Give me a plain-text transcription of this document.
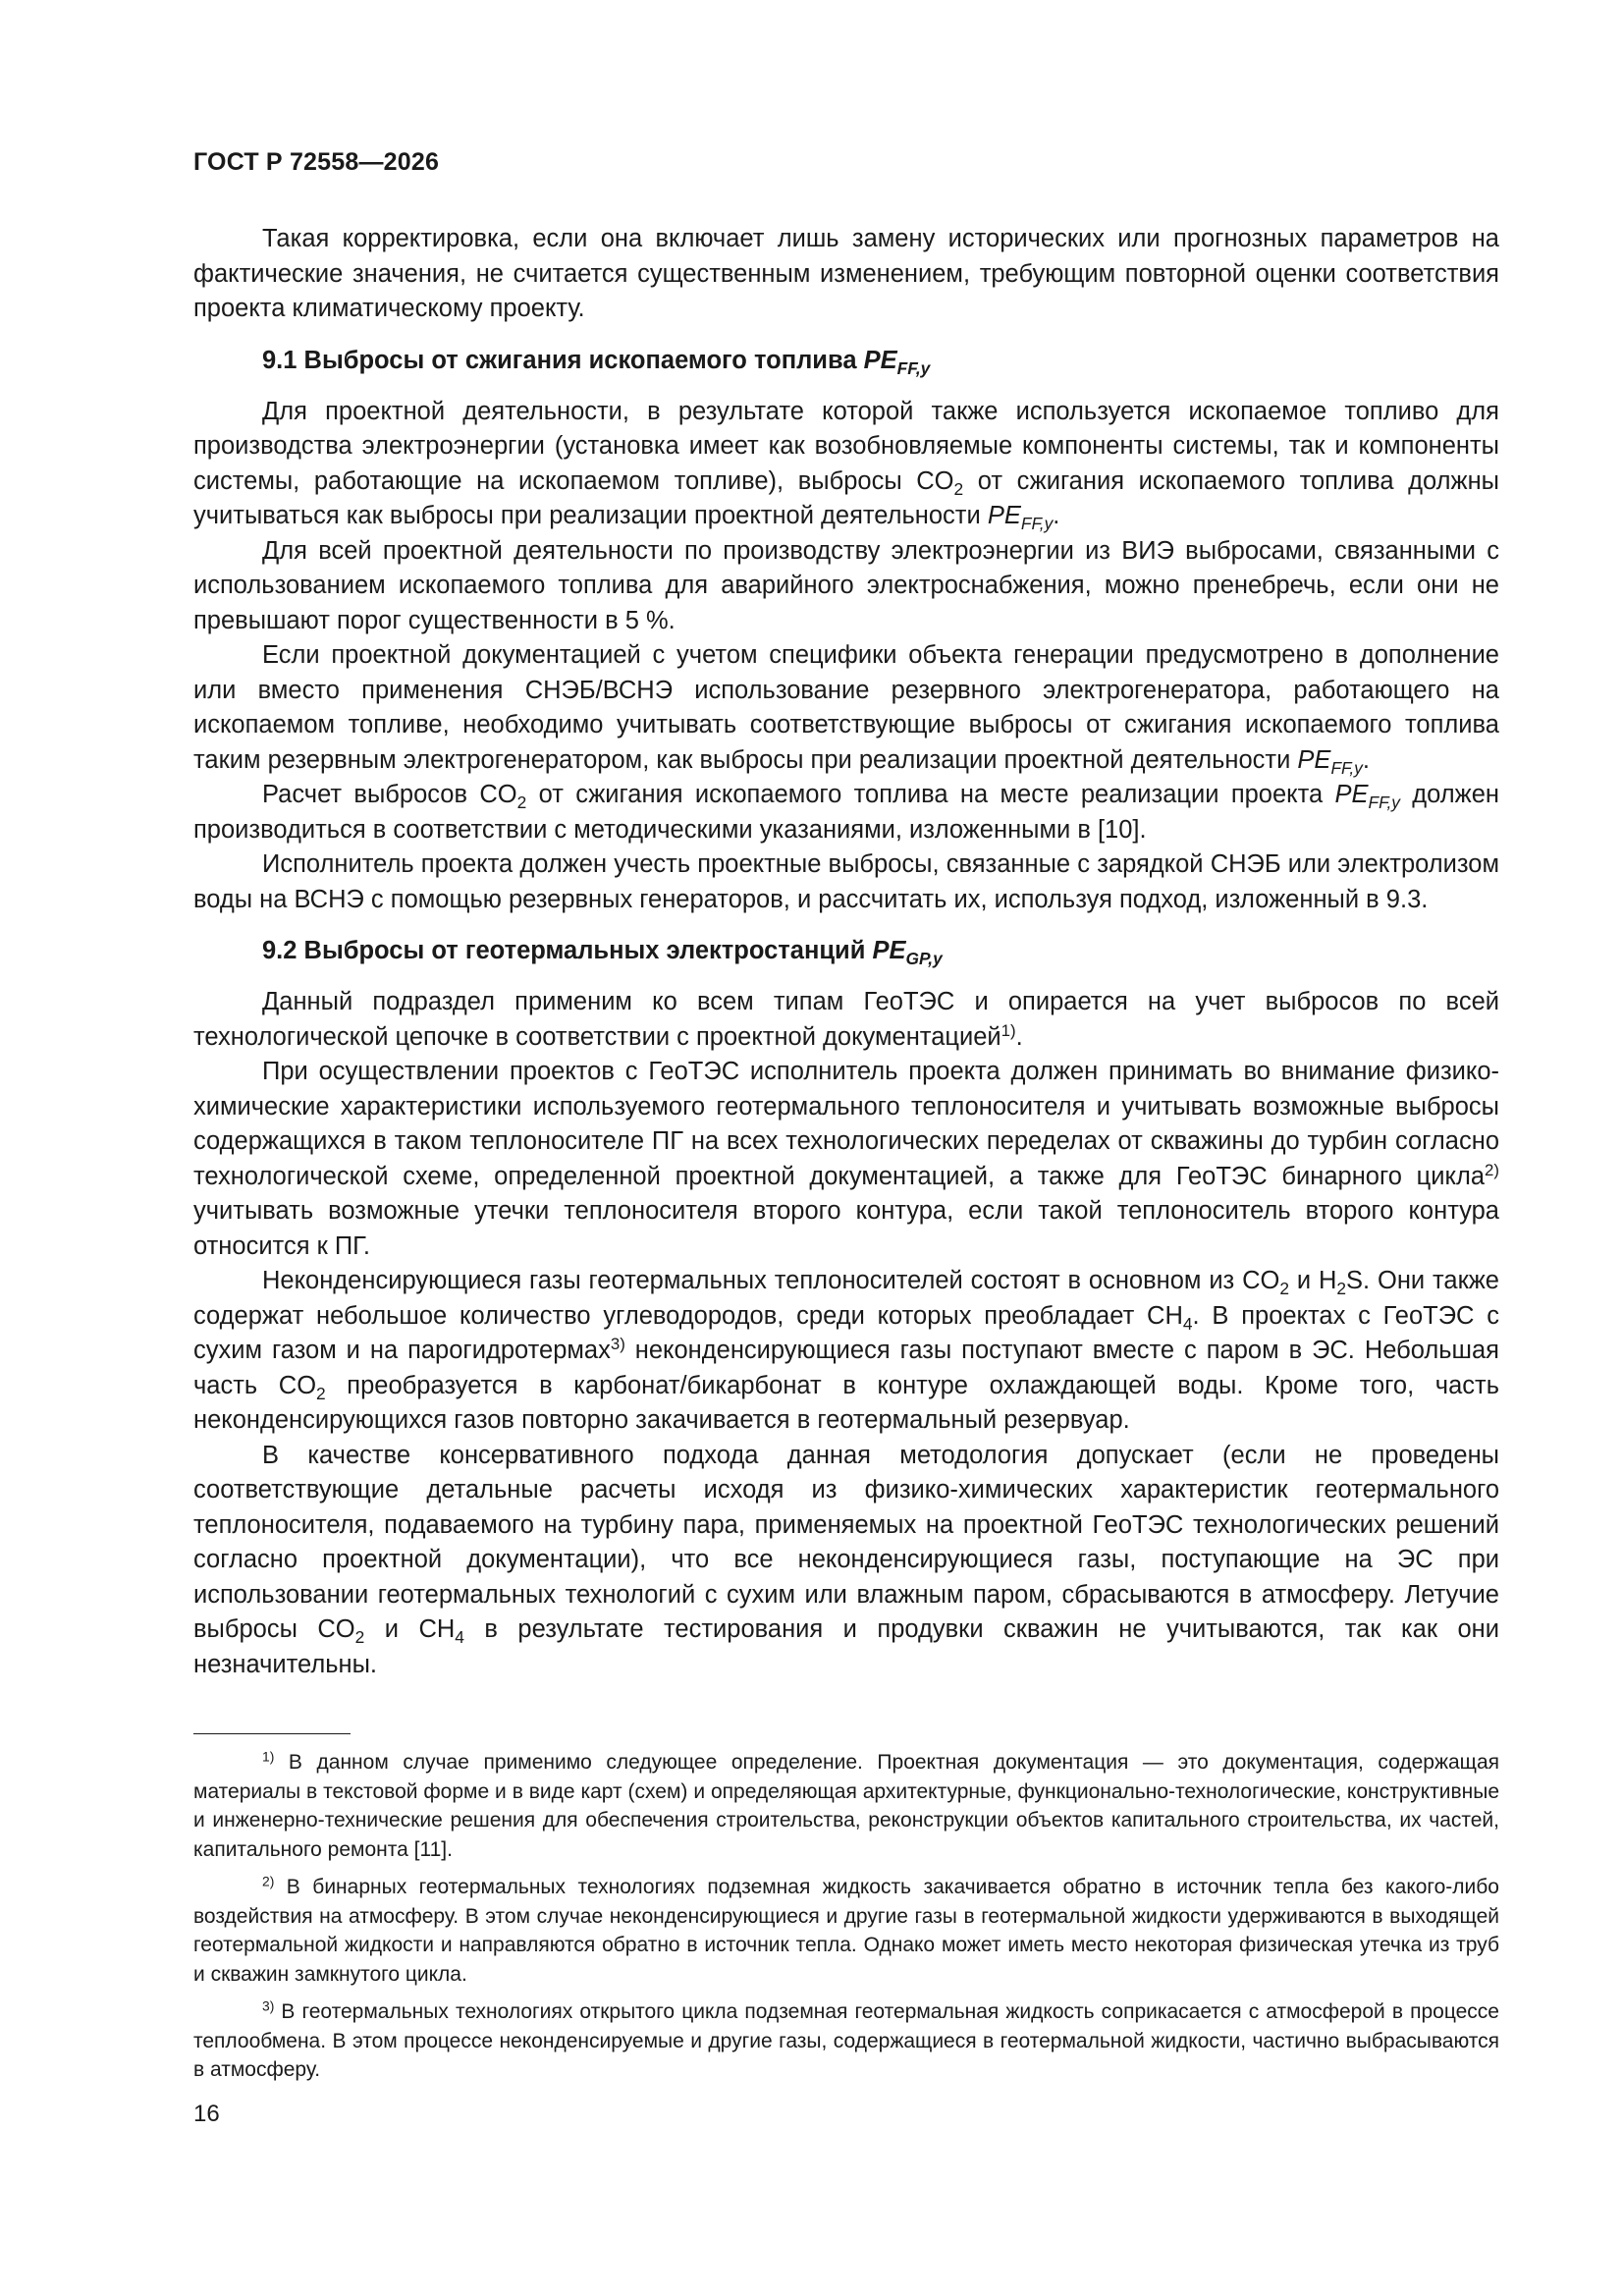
ГОСТ Р 72558—2026

Такая корректировка, если она включает лишь замену исторических или прогнозных параметров на фактические значения, не считается существенным изменением, требующим повторной оценки соответствия проекта климатическому проекту.

9.1 Выбросы от сжигания ископаемого топлива $PE_{FF,y}$

Для проектной деятельности, в результате которой также используется ископаемое топливо для производства электроэнергии (установка имеет как возобновляемые компоненты системы, так и компоненты системы, работающие на ископаемом топливе), выбросы $CO_2$ от сжигания ископаемого топлива должны учитываться как выбросы при реализации проектной деятельности $PE_{FF,y}$.

Для всей проектной деятельности по производству электроэнергии из ВИЭ выбросами, связанными с использованием ископаемого топлива для аварийного электроснабжения, можно пренебречь, если они не превышают порог существенности в 5 %.

Если проектной документацией с учетом специфики объекта генерации предусмотрено в дополнение или вместо применения СНЭБ/ВСНЭ использование резервного электрогенератора, работающего на ископаемом топливе, необходимо учитывать соответствующие выбросы от сжигания ископаемого топлива таким резервным электрогенератором, как выбросы при реализации проектной деятельности $PE_{FF,y}$.

Расчет выбросов $CO_2$ от сжигания ископаемого топлива на месте реализации проекта $PE_{FF,y}$ должен производиться в соответствии с методическими указаниями, изложенными в [10].

Исполнитель проекта должен учесть проектные выбросы, связанные с зарядкой СНЭБ или электролизом воды на ВСНЭ с помощью резервных генераторов, и рассчитать их, используя подход, изложенный в 9.3.

9.2 Выбросы от геотермальных электростанций $PE_{GP,y}$

Данный подраздел применим ко всем типам ГеоТЭС и опирается на учет выбросов по всей технологической цепочке в соответствии с проектной документацией$^{1)}$.

При осуществлении проектов с ГеоТЭС исполнитель проекта должен принимать во внимание физико-химические характеристики используемого геотермального теплоносителя и учитывать возможные выбросы содержащихся в таком теплоносителе ПГ на всех технологических переделах от скважины до турбин согласно технологической схеме, определенной проектной документацией, а также для ГеоТЭС бинарного цикла$^{2)}$ учитывать возможные утечки теплоносителя второго контура, если такой теплоноситель второго контура относится к ПГ.

Неконденсирующиеся газы геотермальных теплоносителей состоят в основном из $CO_2$ и $H_2S$. Они также содержат небольшое количество углеводородов, среди которых преобладает $CH_4$. В проектах с ГеоТЭС с сухим газом и на парогидротермах$^{3)}$ неконденсирующиеся газы поступают вместе с паром в ЭС. Небольшая часть $CO_2$ преобразуется в карбонат/бикарбонат в контуре охлаждающей воды. Кроме того, часть неконденсирующихся газов повторно закачивается в геотермальный резервуар.

В качестве консервативного подхода данная методология допускает (если не проведены соответствующие детальные расчеты исходя из физико-химических характеристик геотермального теплоносителя, подаваемого на турбину пара, применяемых на проектной ГеоТЭС технологических решений согласно проектной документации), что все неконденсирующиеся газы, поступающие на ЭС при использовании геотермальных технологий с сухим или влажным паром, сбрасываются в атмосферу. Летучие выбросы $CO_2$ и $CH_4$ в результате тестирования и продувки скважин не учитываются, так как они незначительны.

$^{1)}$ В данном случае применимо следующее определение. Проектная документация — это документация, содержащая материалы в текстовой форме и в виде карт (схем) и определяющая архитектурные, функционально-технологические, конструктивные и инженерно-технические решения для обеспечения строительства, реконструкции объектов капитального строительства, их частей, капитального ремонта [11].

$^{2)}$ В бинарных геотермальных технологиях подземная жидкость закачивается обратно в источник тепла без какого-либо воздействия на атмосферу. В этом случае неконденсирующиеся и другие газы в геотермальной жидкости удерживаются в выходящей геотермальной жидкости и направляются обратно в источник тепла. Однако может иметь место некоторая физическая утечка из труб и скважин замкнутого цикла.

$^{3)}$ В геотермальных технологиях открытого цикла подземная геотермальная жидкость соприкасается с атмосферой в процессе теплообмена. В этом процессе неконденсируемые и другие газы, содержащиеся в геотермальной жидкости, частично выбрасываются в атмосферу.

16
